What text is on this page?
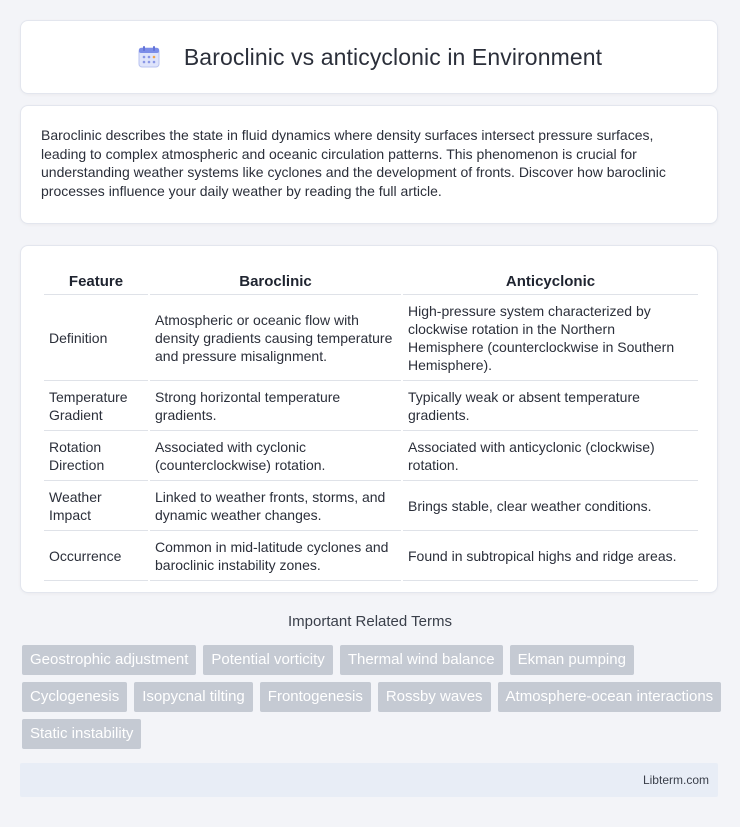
Baroclinic vs anticyclonic in Environment

Baroclinic describes the state in fluid dynamics where density surfaces intersect pressure surfaces, leading to complex atmospheric and oceanic circulation patterns. This phenomenon is crucial for understanding weather systems like cyclones and the development of fronts. Discover how baroclinic processes influence your daily weather by reading the full article.

Feature	Baroclinic	Anticyclonic
Definition	Atmospheric or oceanic flow with density gradients causing temperature and pressure misalignment.	High-pressure system characterized by clockwise rotation in the Northern Hemisphere (counterclockwise in Southern Hemisphere).
Temperature Gradient	Strong horizontal temperature gradients.	Typically weak or absent temperature gradients.
Rotation Direction	Associated with cyclonic (counterclockwise) rotation.	Associated with anticyclonic (clockwise) rotation.
Weather Impact	Linked to weather fronts, storms, and dynamic weather changes.	Brings stable, clear weather conditions.
Occurrence	Common in mid-latitude cyclones and baroclinic instability zones.	Found in subtropical highs and ridge areas.
Important Related Terms
Geostrophic adjustment	Potential vorticity	Thermal wind balance	Ekman pumping
Cyclogenesis	Isopycnal tilting	Frontogenesis	Rossby waves	Atmosphere-ocean interactions
Static instability
Libterm.com
